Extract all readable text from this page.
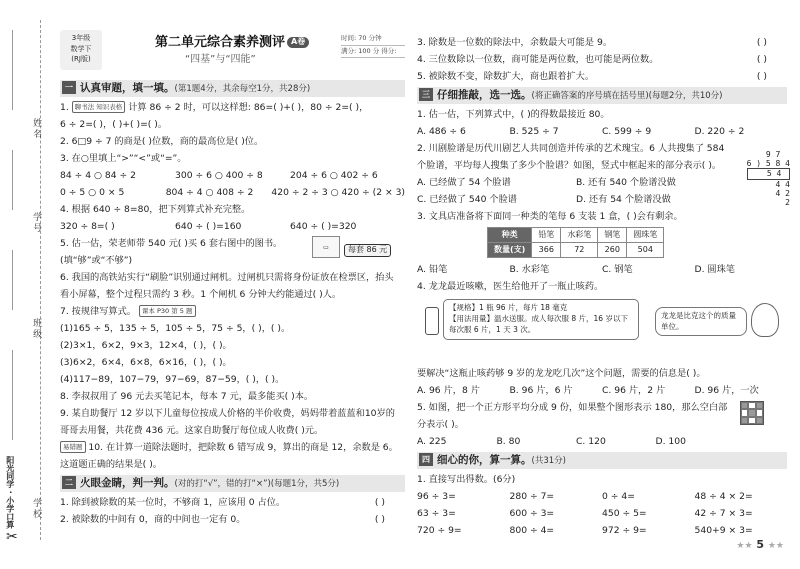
姓名
学号
班级
学校
阳光同学 · 小学口算
✂
3年级
数学下
(RJ版)
第二单元综合素养测评 A卷
“四基”与“四能”
时间: 70 分钟
满分: 100 分 得分:
一 认真审题，填一填。(第1题4分，其余每空1分，共28分)
1. 聊书法 知识表格 计算 86 ÷ 2 时，可以这样想: 86=( )+( )，80 ÷ 2=( )，
6 ÷ 2=( )，( )+( )=( )。
2. 6□9 ÷ 7 的商是( )位数，商的最高位是( )位。
3. 在○里填上“>”“<”或“=”。
84 ÷ 4 ○ 84 ÷ 2	300 ÷ 6 ○ 400 ÷ 8	204 ÷ 6 ○ 402 ÷ 6
0 ÷ 5 ○ 0 × 5	804 ÷ 4 ○ 408 ÷ 2	420 ÷ 2 ÷ 3 ○ 420 ÷ (2 × 3)
4. 根据 640 ÷ 8=80，把下列算式补充完整。
320 ÷ 8=( )	640 ÷ ( )=160	640 ÷ ( )=320
5. 估一估，荣老师带 540 元( )买 6 套右图中的图书。
(填“够”或“不够”)
6. 我国的高铁站实行“刷脸”识别通过闸机。过闸机只需将身份证放在检票区，抬头看小屏幕，整个过程只需约 3 秒。1 个闸机 6 分钟大约能通过( )人。
7. 按规律写算式。 课本 P30 第 5 题
(1)165 ÷ 5，135 ÷ 5，105 ÷ 5，75 ÷ 5，( )，( )。
(2)3×1，6×2，9×3，12×4，( )，( )。
(3)6×2，6×4，6×8，6×16，( )，( )。
(4)117−89，107−79，97−69，87−59，( )，( )。
8. 李叔叔用了 96 元去买笔记本，每本 7 元，最多能买( )本。
9. 某自助餐厅 12 岁以下儿童每位按成人价格的半价收费，妈妈带着蓝蓝和10岁的哥哥去用餐，共花费 436 元。这家自助餐厅每位成人收费( )元。
易错题 10. 在计算一道除法题时，把除数 6 错写成 9，算出的商是 12，余数是 6。这道题正确的结果是( )。
二 火眼金睛，判一判。(对的打“√”，错的打“×”)(每题1分，共5分)
1. 除到被除数的某一位时，不够商 1，应该用 0 占位。	( )
2. 被除数的中间有 0，商的中间也一定有 0。	( )
▭	每套 86 元
3. 除数是一位数的除法中，余数最大可能是 9。	( )
4. 三位数除以一位数，商可能是两位数，也可能是两位数。	( )
5. 被除数不变，除数扩大，商也跟着扩大。	( )
三 仔细推敲，选一选。(将正确答案的序号填在括号里)(每题2分，共10分)
1. 估一估，下列算式中，( )的得数最接近 80。
A. 486 ÷ 6	B. 525 ÷ 7	C. 599 ÷ 9	D. 220 ÷ 2
2. 川剧脸谱是历代川剧艺人共同创造并传承的艺术瑰宝。6 人共搜集了 584 个脸谱，平均每人搜集了多少个脸谱？如图，竖式中框起来的部分表示( )。
A. 已经做了 54 个脸谱	B. 还有 540 个脸谱没做
C. 已经做了 540 个脸谱	D. 还有 54 个脸谱没做
3. 文具店准备将下面同一种类的笔每 6 支装 1 盒，( )会有剩余。
种类	铅笔	水彩笔	钢笔	圆珠笔
数量(支)	366	72	260	504
A. 铅笔	B. 水彩笔	C. 钢笔	D. 圆珠笔
4. 龙龙最近咳嗽，医生给他开了一瓶止咳药。
【规格】1 瓶 96 片，每片 18 毫克
【用法用量】温水送服。成人每次服 8 片，16 岁以下每次服 6 片，1 天 3 次。
龙龙是比克这个的质量单位。
要解决“这瓶止咳药够 9 岁的龙龙吃几次”这个问题，需要的信息是( )。
A. 96 片，8 片	B. 96 片，6 片	C. 96 片，2 片	D. 96 片，一次
5. 如图，把一个正方形平均分成 9 份，如果整个图形表示 180，那么空白部分表示( )。
A. 225	B. 80	C. 120	D. 100
四 细心的你，算一算。(共31分)
1. 直接写出得数。(6分)
96 ÷ 3=	280 ÷ 7=	0 ÷ 4=	48 ÷ 4 × 2=
63 ÷ 3=	600 ÷ 3=	450 ÷ 5=	42 ÷ 7 × 3=
720 ÷ 9=	800 ÷ 4=	972 ÷ 9=	540+9 × 3=
9 7
6 ) 5 8 4
5 4
4 4
4 2
2
★★ 5 ★★
